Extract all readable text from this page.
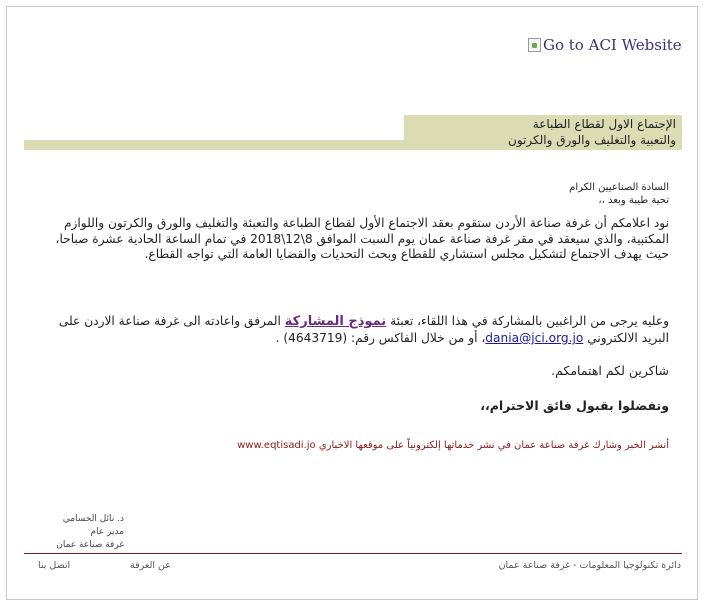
Go to ACI Website
الإجتماع الاول لقطاع الطباعة
والتعبية والتغليف والورق والكرتون
السادة الصناعيين الكرام
تحية طيبة وبعد ،،
نود اعلامكم أن غرفة صناعة الأردن ستقوم بعقد الاجتماع الأول لقطاع الطباعة والتعبئة والتغليف والورق والكرتون واللوازم المكتبية، والذي سيعقد في مقر غرفة صناعة عمان يوم السبت الموافق 8\12\2018 في تمام الساعة الحادية عشرة صباحا، حيث يهدف الاجتماع لتشكيل مجلس استشاري للقطاع وبحث التحديات والقضايا العامة التي تواجه القطاع.
وعليه يرجى من الراغبين بالمشاركة في هذا اللقاء، تعبئة نموذج المشاركة المرفق واعادته الى غرفة صناعة الاردن على البريد الالكتروني dania@jci.org.jo، أو من خلال الفاكس رقم: (4643719) .
شاكرين لكم اهتمامكم.
وتفضلوا بقبول فائق الاحترام،،
أنشر الخبر وشارك غرفة صناعة عمان في نشر خدماتها إلكترونياً على موقعها الاخباري www.eqtisadi.jo
د. نائل الحسامي
مدير عام
غرفة صناعة عمان
دائرة تكنولوجيا المعلومات - غرفة صناعة عمان
عن الغرفة
اتصل بنا
